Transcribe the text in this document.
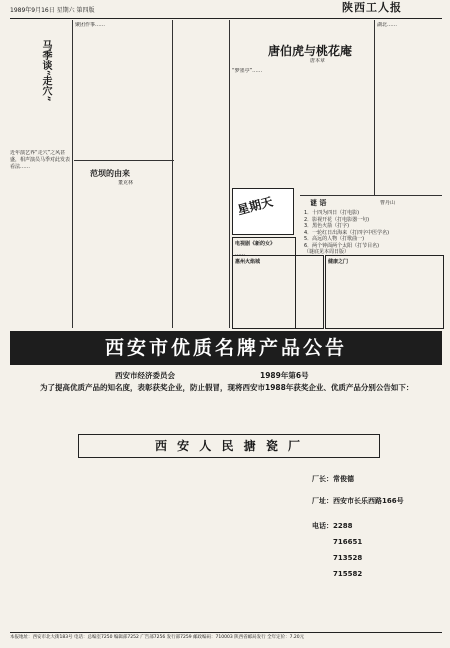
1989年9月16日 星期六 第四版	陕西工人报
马季谈“走穴”
近年演艺界“走穴”之风甚盛，相声演员马季对此发表看法……
聚团作事……
范坝的由来
董克林
星期天
唐伯虎与桃花庵
唐本章
“梦墨亭”……
湖北……
谜 语	曹丹山
1．十四为四日（打电影)
2．影视开花（打电影器一句)
3．黑色火箭（打字)
4．一轮红日出海来（打四字中医学名)
5．高远的人物（打歌曲一)
6．两个钟面两个太阳（打节目名)
（谜底见本周日版）
电视剧《新的女》
……
惠州火焰城	健康之门
西安市优质名牌产品公告
西安市经济委员会	1989年第6号
为了提高优质产品的知名度，表彰获奖企业，防止假冒，现将西安市1988年获奖企业、优质产品分别公告如下：
西 安 人 民 搪 瓷 厂
厂长：常俊德
厂址：西安市长乐西路166号
电话：2288
716651
713528
715582
本报地址：西安市北大街183号 电话：总编室7250 编辑部7252 广告部7256 发行部7259 邮政编码：710003 陕西省邮局发行 全年定价：7.20元
